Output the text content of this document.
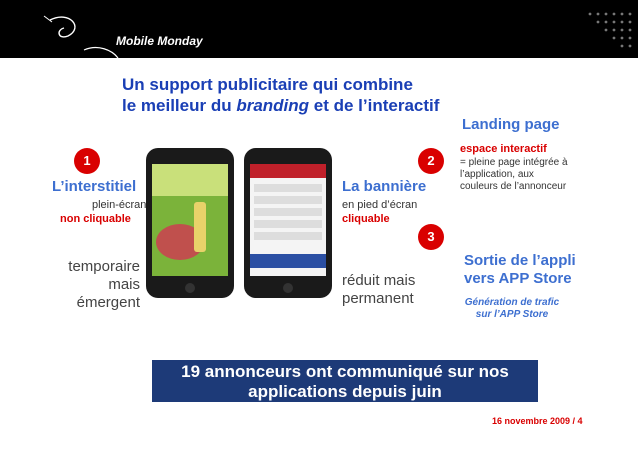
Mobile Monday
Un support publicitaire qui combine
le meilleur du branding et de l’interactif
1	2
3
L’interstitiel
plein-écran
non cliquable
temporaire
mais
émergent
La bannière
en pied d’écran
cliquable
réduit mais
permanent
Landing page
espace interactif
= pleine page intégrée à
l’application, aux
couleurs de l’annonceur
Sortie de l’appli
vers APP Store
Génération de trafic
sur l’APP Store
19 annonceurs ont communiqué sur nos
applications depuis juin
16 novembre 2009 / 4
